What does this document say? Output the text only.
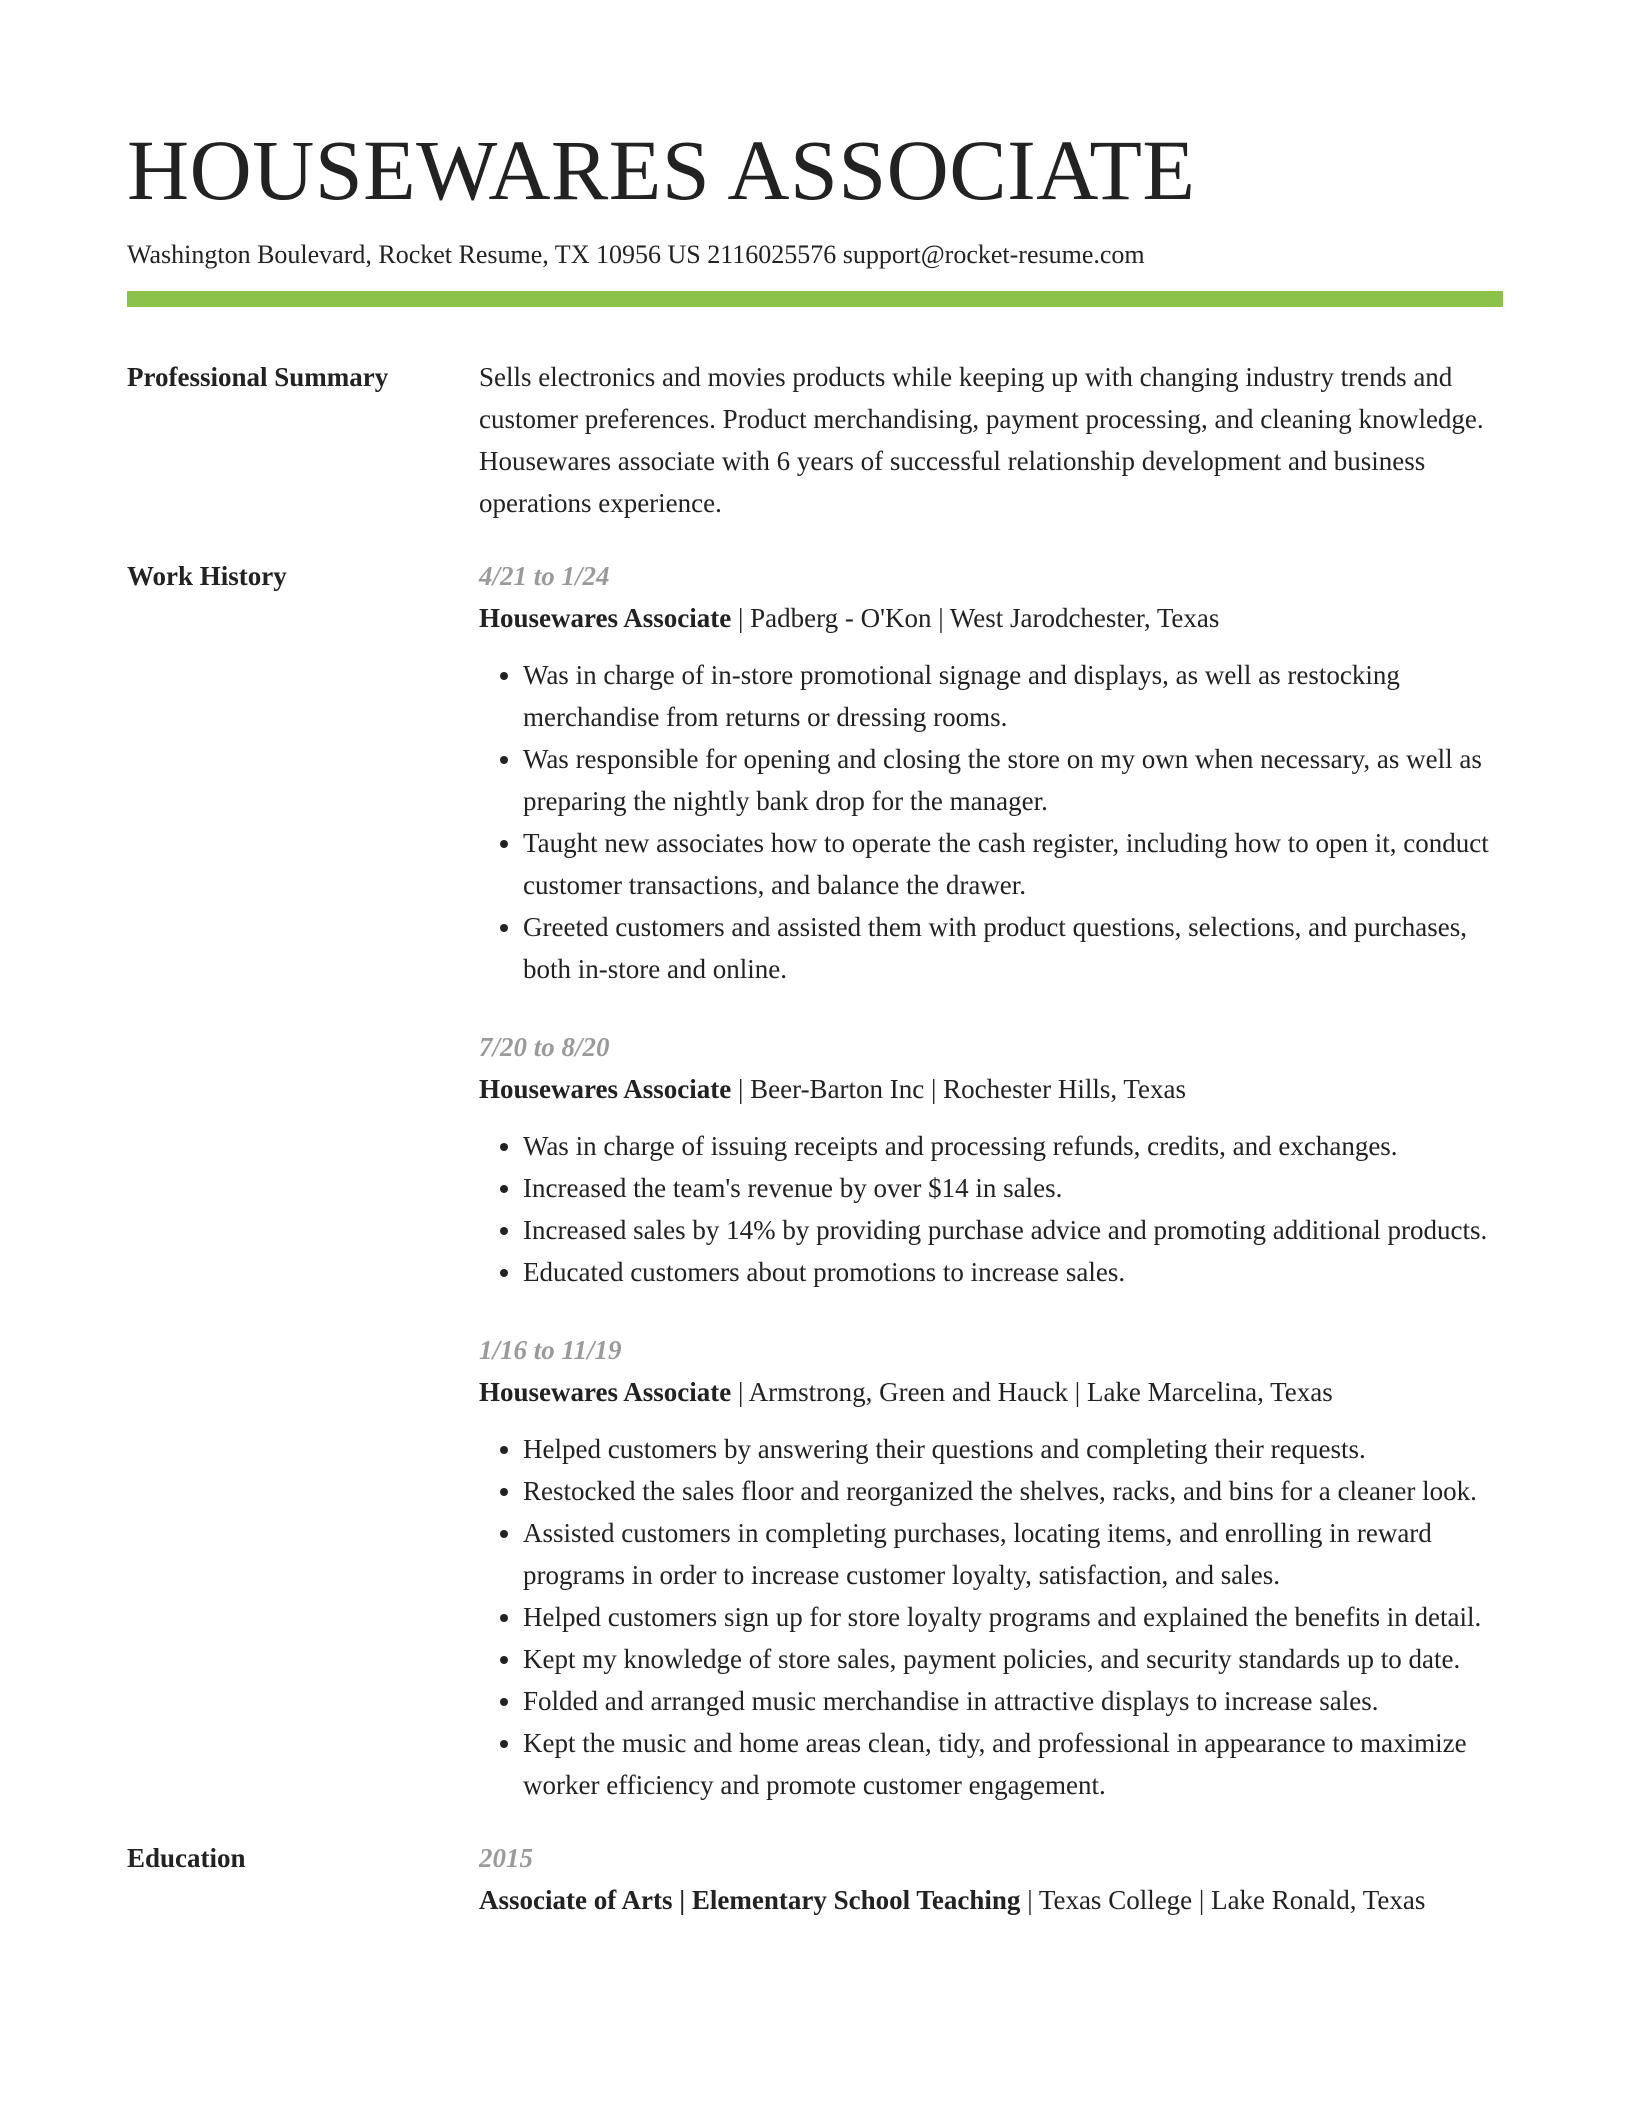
HOUSEWARES ASSOCIATE
Washington Boulevard, Rocket Resume, TX 10956 US 2116025576 support@rocket-resume.com
Professional Summary	Sells electronics and movies products while keeping up with changing industry trends and customer preferences. Product merchandising, payment processing, and cleaning knowledge. Housewares associate with 6 years of successful relationship development and business operations experience.
Work History	4/21 to 1/24
Housewares Associate | Padberg - O'Kon | West Jarodchester, Texas
• Was in charge of in-store promotional signage and displays, as well as restocking merchandise from returns or dressing rooms.
• Was responsible for opening and closing the store on my own when necessary, as well as preparing the nightly bank drop for the manager.
• Taught new associates how to operate the cash register, including how to open it, conduct customer transactions, and balance the drawer.
• Greeted customers and assisted them with product questions, selections, and purchases, both in-store and online.
7/20 to 8/20
Housewares Associate | Beer-Barton Inc | Rochester Hills, Texas
• Was in charge of issuing receipts and processing refunds, credits, and exchanges.
• Increased the team's revenue by over $14 in sales.
• Increased sales by 14% by providing purchase advice and promoting additional products.
• Educated customers about promotions to increase sales.
1/16 to 11/19
Housewares Associate | Armstrong, Green and Hauck | Lake Marcelina, Texas
• Helped customers by answering their questions and completing their requests.
• Restocked the sales floor and reorganized the shelves, racks, and bins for a cleaner look.
• Assisted customers in completing purchases, locating items, and enrolling in reward programs in order to increase customer loyalty, satisfaction, and sales.
• Helped customers sign up for store loyalty programs and explained the benefits in detail.
• Kept my knowledge of store sales, payment policies, and security standards up to date.
• Folded and arranged music merchandise in attractive displays to increase sales.
• Kept the music and home areas clean, tidy, and professional in appearance to maximize worker efficiency and promote customer engagement.
Education	2015
Associate of Arts | Elementary School Teaching | Texas College | Lake Ronald, Texas
